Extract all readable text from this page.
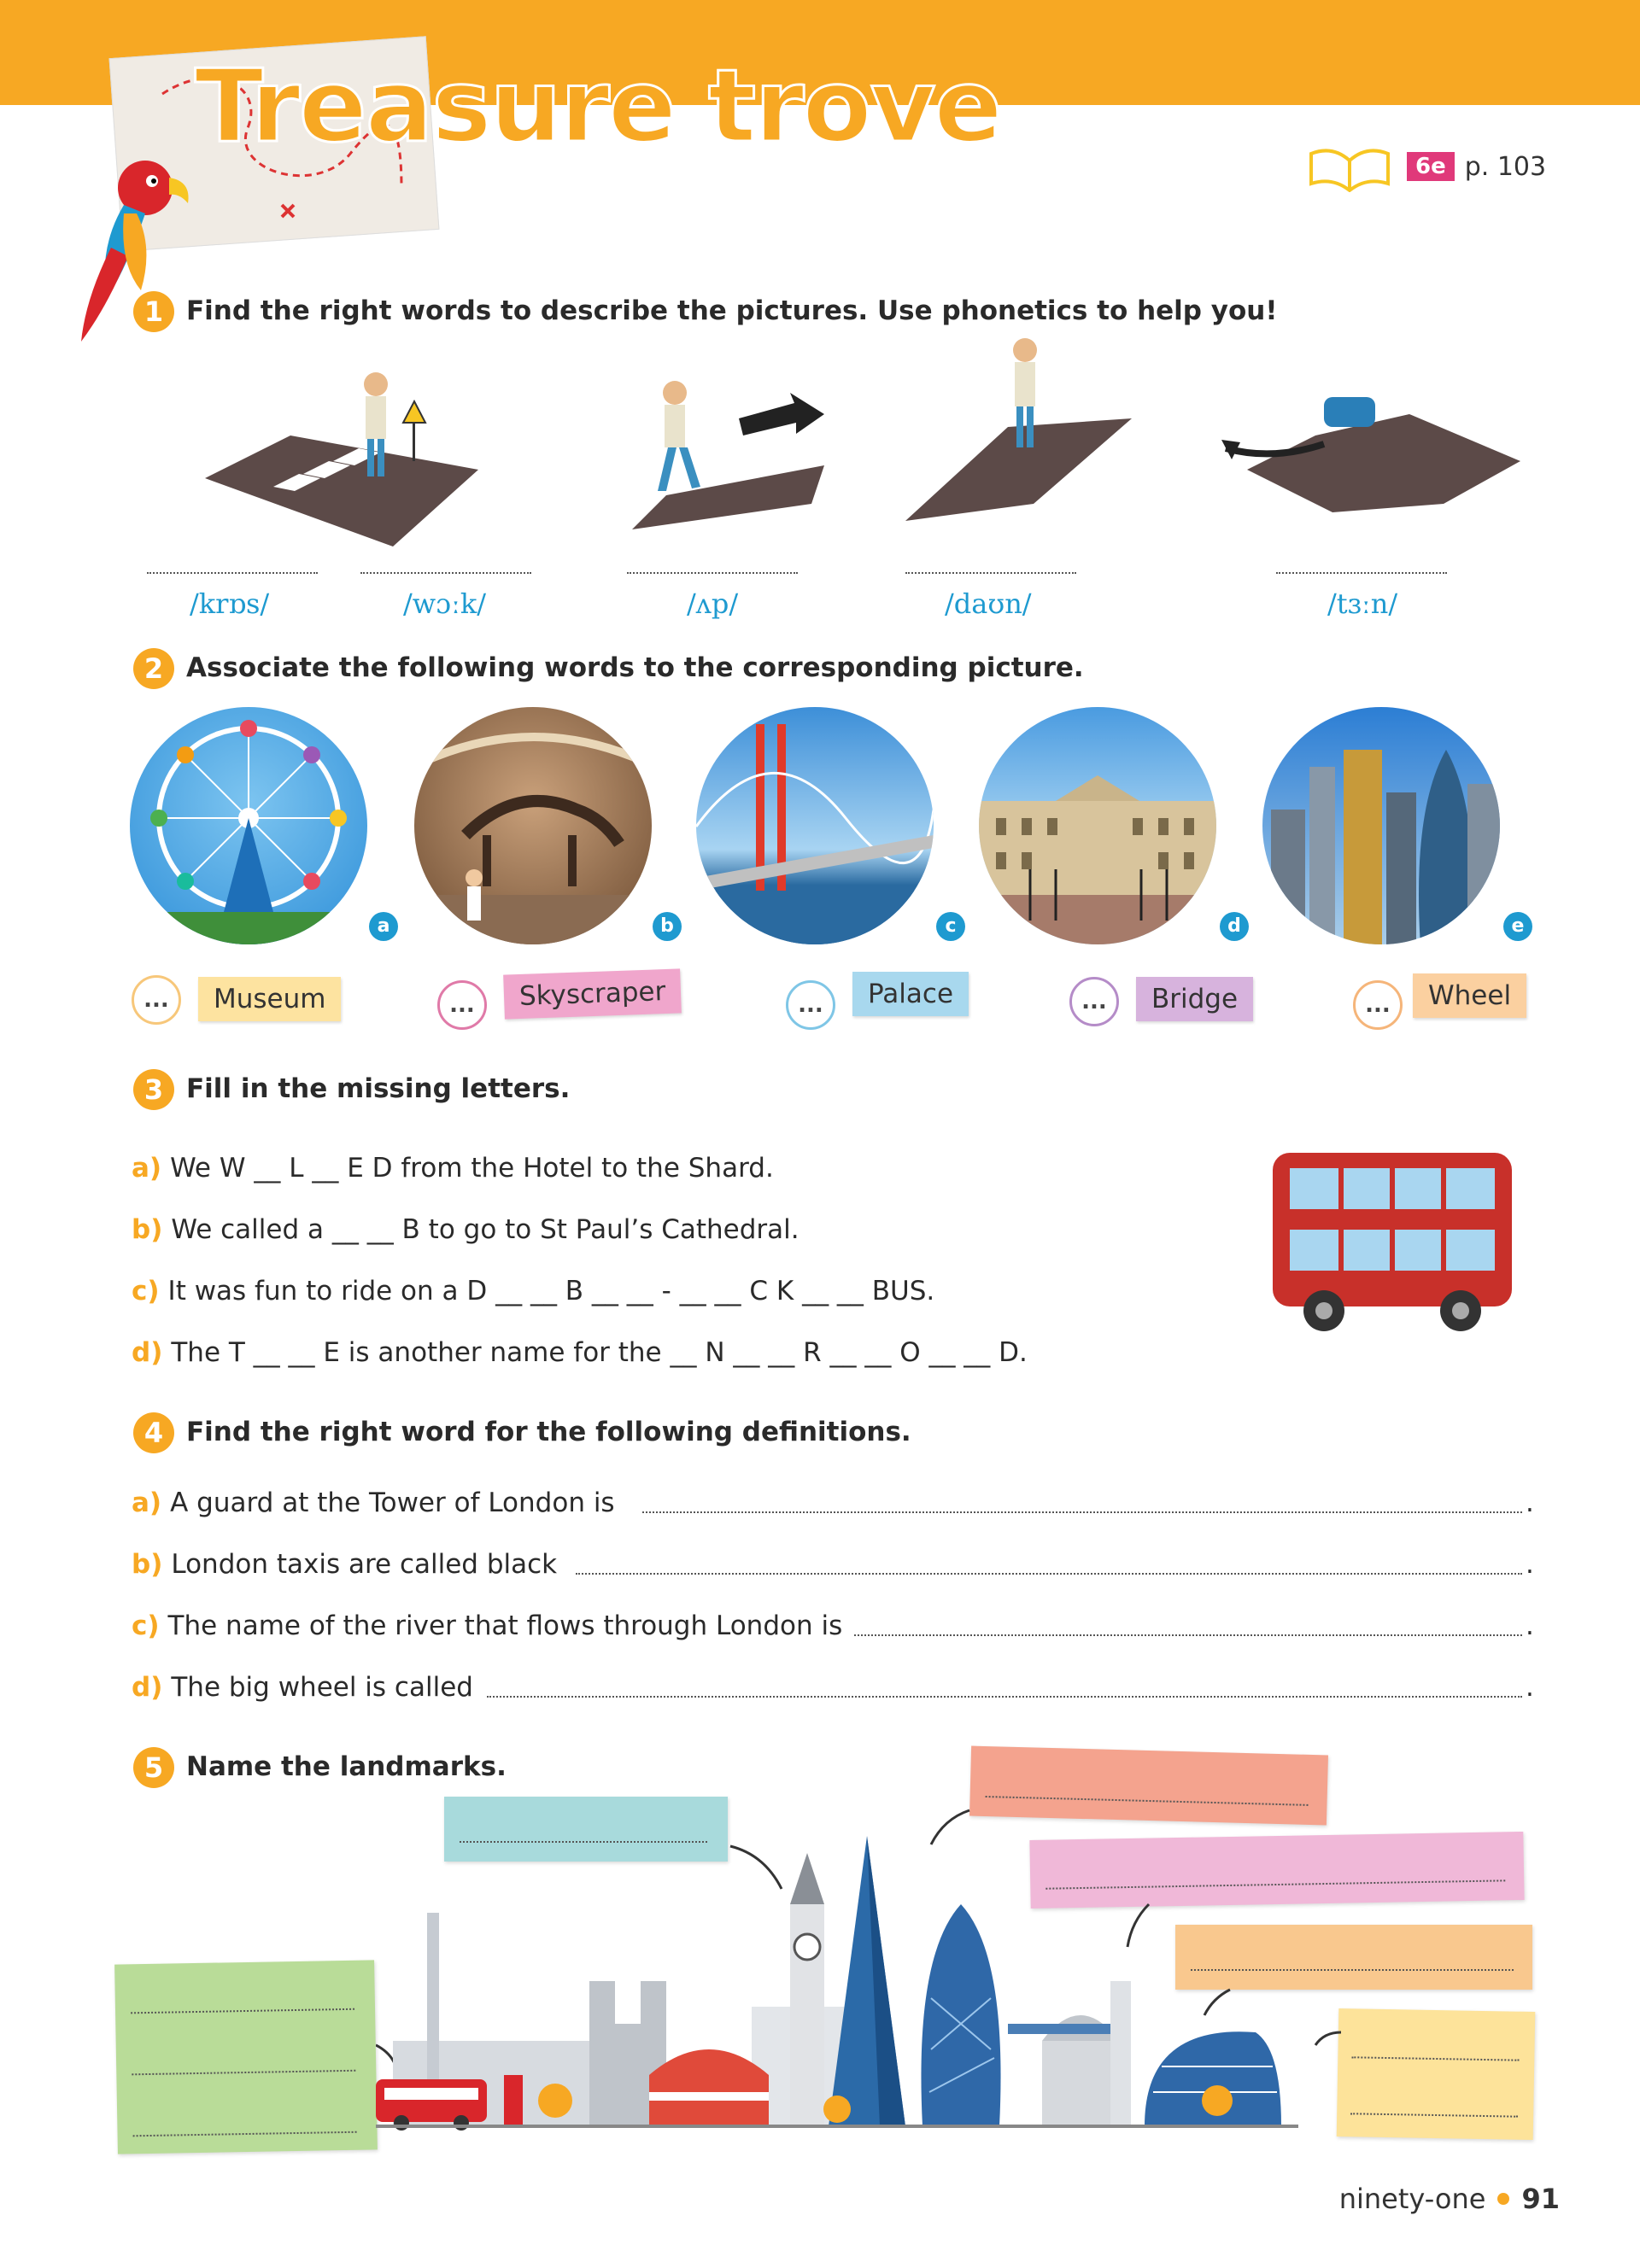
Treasure trove
6e p. 103
1 Find the right words to describe the pictures. Use phonetics to help you!
/krɒs/	/wɔːk/	/ʌp/	/daʊn/	/tɜːn/
2 Associate the following words to the corresponding picture.
a	b	c	d	e
...	Museum	...	Skyscraper	...	Palace	...	Bridge	...	Wheel
3 Fill in the missing letters.
a) We W __ L __ E D from the Hotel to the Shard.
b) We called a __ __ B to go to St Paul’s Cathedral.
c) It was fun to ride on a D __ __ B __ __ - __ __ C K __ __ BUS.
d) The T __ __ E is another name for the __ N __ __ R __ __ O __ __ D.
4 Find the right word for the following definitions.
a) A guard at the Tower of London is	.
b) London taxis are called black	.
c) The name of the river that flows through London is	.
d) The big wheel is called	.
5 Name the landmarks.
ninety-one 91
